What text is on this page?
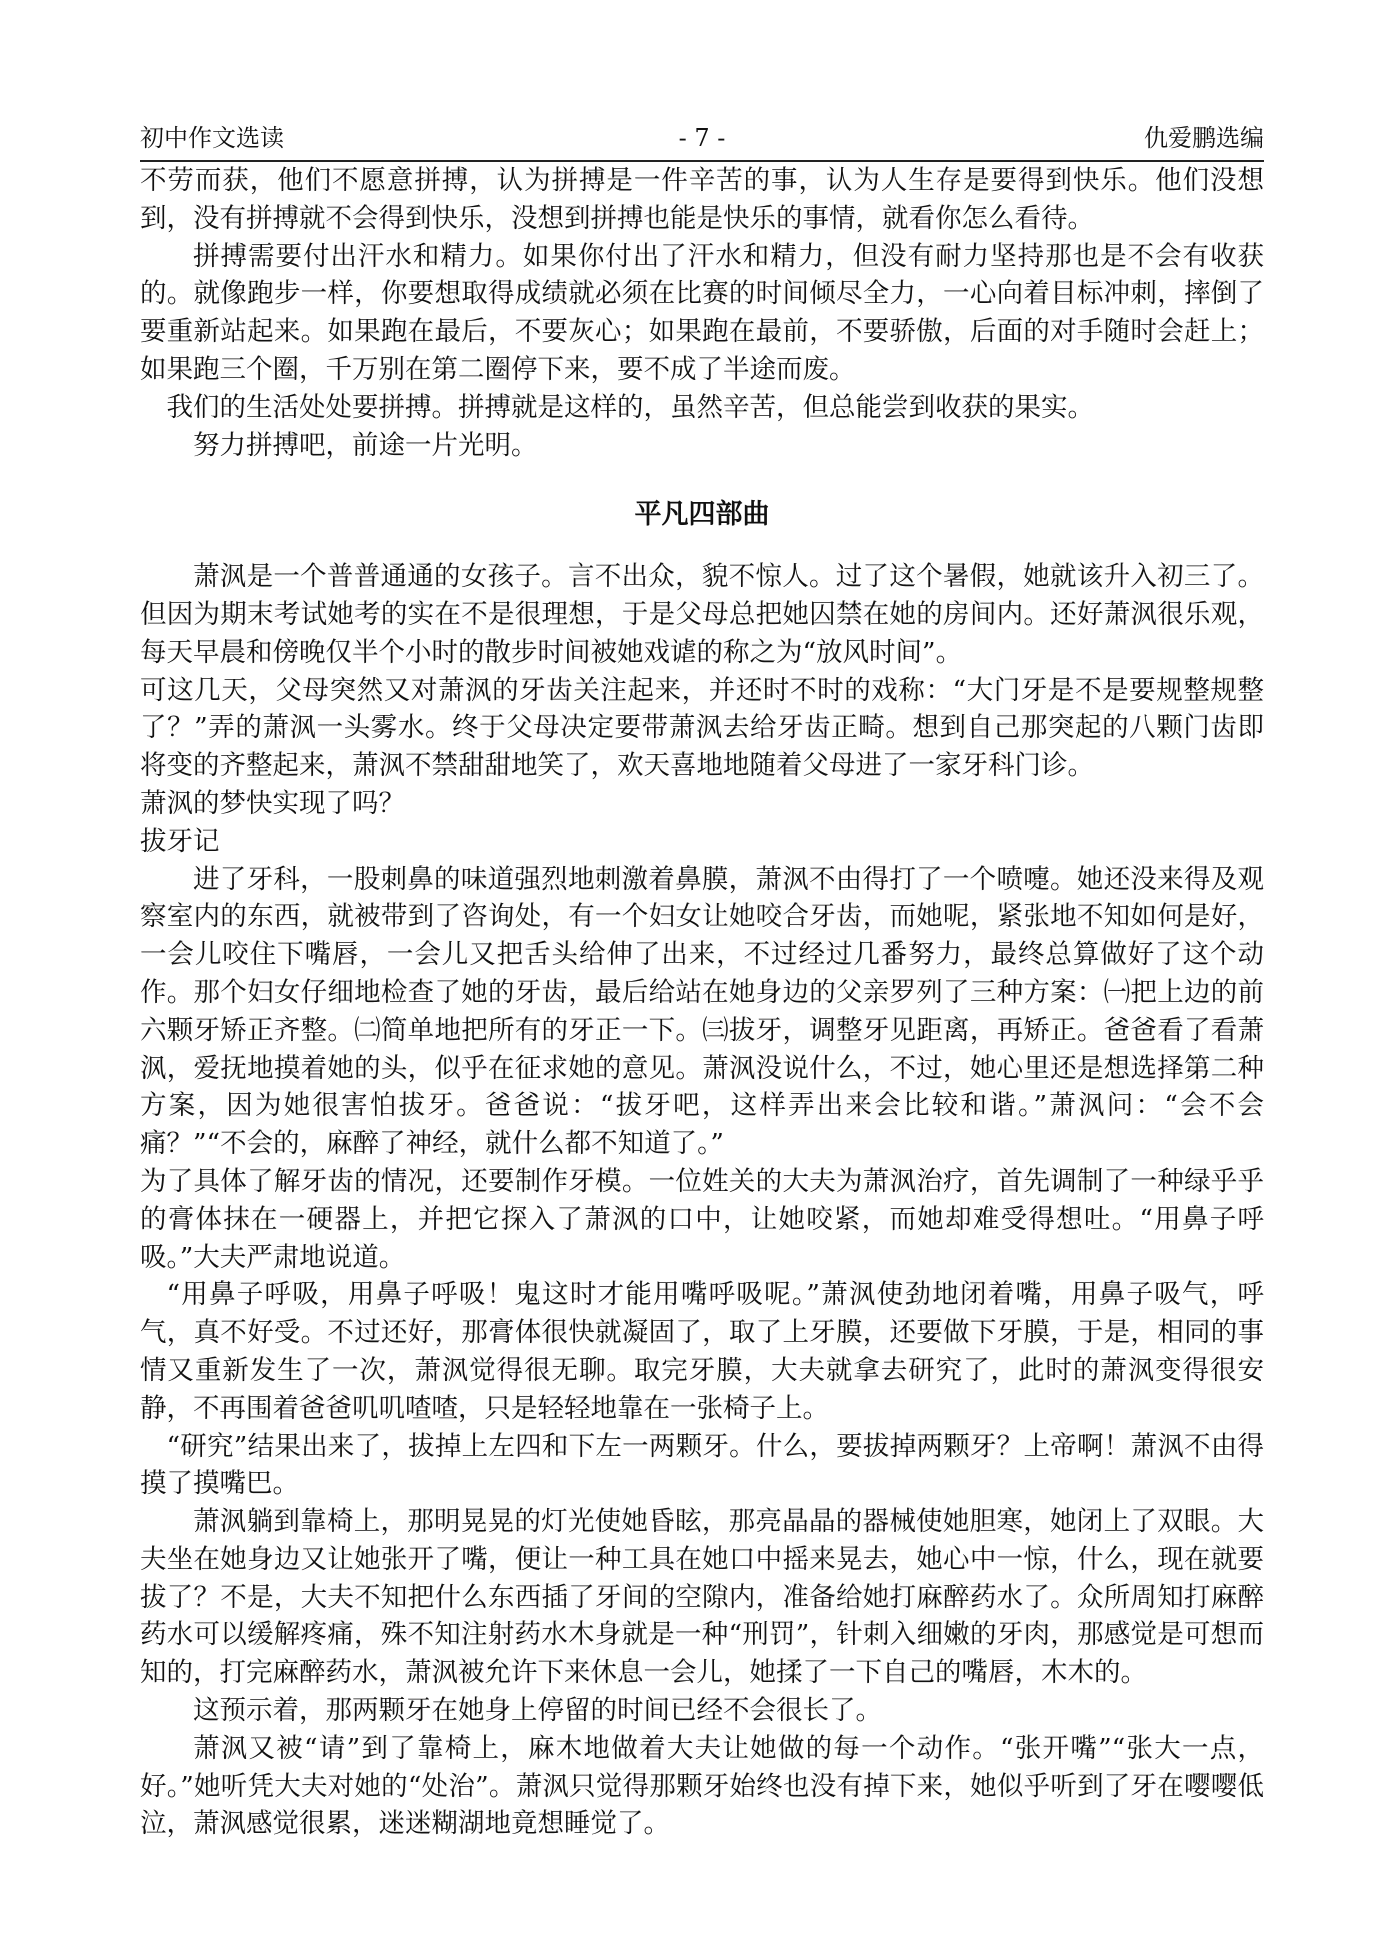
初中作文选读	- 7 -	仇爱鹏选编

不劳而获，他们不愿意拼搏，认为拼搏是一件辛苦的事，认为人生存是要得到快乐。他们没想到，没有拼搏就不会得到快乐，没想到拼搏也能是快乐的事情，就看你怎么看待。

拼搏需要付出汗水和精力。如果你付出了汗水和精力，但没有耐力坚持那也是不会有收获的。就像跑步一样，你要想取得成绩就必须在比赛的时间倾尽全力，一心向着目标冲刺，摔倒了要重新站起来。如果跑在最后，不要灰心；如果跑在最前，不要骄傲，后面的对手随时会赶上；如果跑三个圈，千万别在第二圈停下来，要不成了半途而废。

我们的生活处处要拼搏。拼搏就是这样的，虽然辛苦，但总能尝到收获的果实。

努力拼搏吧，前途一片光明。

平凡四部曲

萧沨是一个普普通通的女孩子。言不出众，貌不惊人。过了这个暑假，她就该升入初三了。但因为期末考试她考的实在不是很理想，于是父母总把她囚禁在她的房间内。还好萧沨很乐观，每天早晨和傍晚仅半个小时的散步时间被她戏谑的称之为“放风时间”。

可这几天，父母突然又对萧沨的牙齿关注起来，并还时不时的戏称：“大门牙是不是要规整规整了？”弄的萧沨一头雾水。终于父母决定要带萧沨去给牙齿正畸。想到自己那突起的八颗门齿即将变的齐整起来，萧沨不禁甜甜地笑了，欢天喜地地随着父母进了一家牙科门诊。

萧沨的梦快实现了吗？

拔牙记

进了牙科，一股刺鼻的味道强烈地刺激着鼻膜，萧沨不由得打了一个喷嚏。她还没来得及观察室内的东西，就被带到了咨询处，有一个妇女让她咬合牙齿，而她呢，紧张地不知如何是好，一会儿咬住下嘴唇，一会儿又把舌头给伸了出来，不过经过几番努力，最终总算做好了这个动作。那个妇女仔细地检查了她的牙齿，最后给站在她身边的父亲罗列了三种方案：㈠把上边的前六颗牙矫正齐整。㈡简单地把所有的牙正一下。㈢拔牙，调整牙见距离，再矫正。爸爸看了看萧沨，爱抚地摸着她的头，似乎在征求她的意见。萧沨没说什么，不过，她心里还是想选择第二种方案，因为她很害怕拔牙。爸爸说：“拔牙吧，这样弄出来会比较和谐。”萧沨问：“会不会痛？”“不会的，麻醉了神经，就什么都不知道了。”

为了具体了解牙齿的情况，还要制作牙模。一位姓关的大夫为萧沨治疗，首先调制了一种绿乎乎的膏体抹在一硬器上，并把它探入了萧沨的口中，让她咬紧，而她却难受得想吐。“用鼻子呼吸。”大夫严肃地说道。

“用鼻子呼吸，用鼻子呼吸！鬼这时才能用嘴呼吸呢。”萧沨使劲地闭着嘴，用鼻子吸气，呼气，真不好受。不过还好，那膏体很快就凝固了，取了上牙膜，还要做下牙膜，于是，相同的事情又重新发生了一次，萧沨觉得很无聊。取完牙膜，大夫就拿去研究了，此时的萧沨变得很安静，不再围着爸爸叽叽喳喳，只是轻轻地靠在一张椅子上。

“研究”结果出来了，拔掉上左四和下左一两颗牙。什么，要拔掉两颗牙？上帝啊！萧沨不由得摸了摸嘴巴。

萧沨躺到靠椅上，那明晃晃的灯光使她昏眩，那亮晶晶的器械使她胆寒，她闭上了双眼。大夫坐在她身边又让她张开了嘴，便让一种工具在她口中摇来晃去，她心中一惊，什么，现在就要拔了？不是，大夫不知把什么东西插了牙间的空隙内，准备给她打麻醉药水了。众所周知打麻醉药水可以缓解疼痛，殊不知注射药水木身就是一种“刑罚”，针刺入细嫩的牙肉，那感觉是可想而知的，打完麻醉药水，萧沨被允许下来休息一会儿，她揉了一下自己的嘴唇，木木的。

这预示着，那两颗牙在她身上停留的时间已经不会很长了。

萧沨又被“请”到了靠椅上，麻木地做着大夫让她做的每一个动作。“张开嘴”“张大一点，好。”她听凭大夫对她的“处治”。萧沨只觉得那颗牙始终也没有掉下来，她似乎听到了牙在嘤嘤低泣，萧沨感觉很累，迷迷糊湖地竟想睡觉了。
